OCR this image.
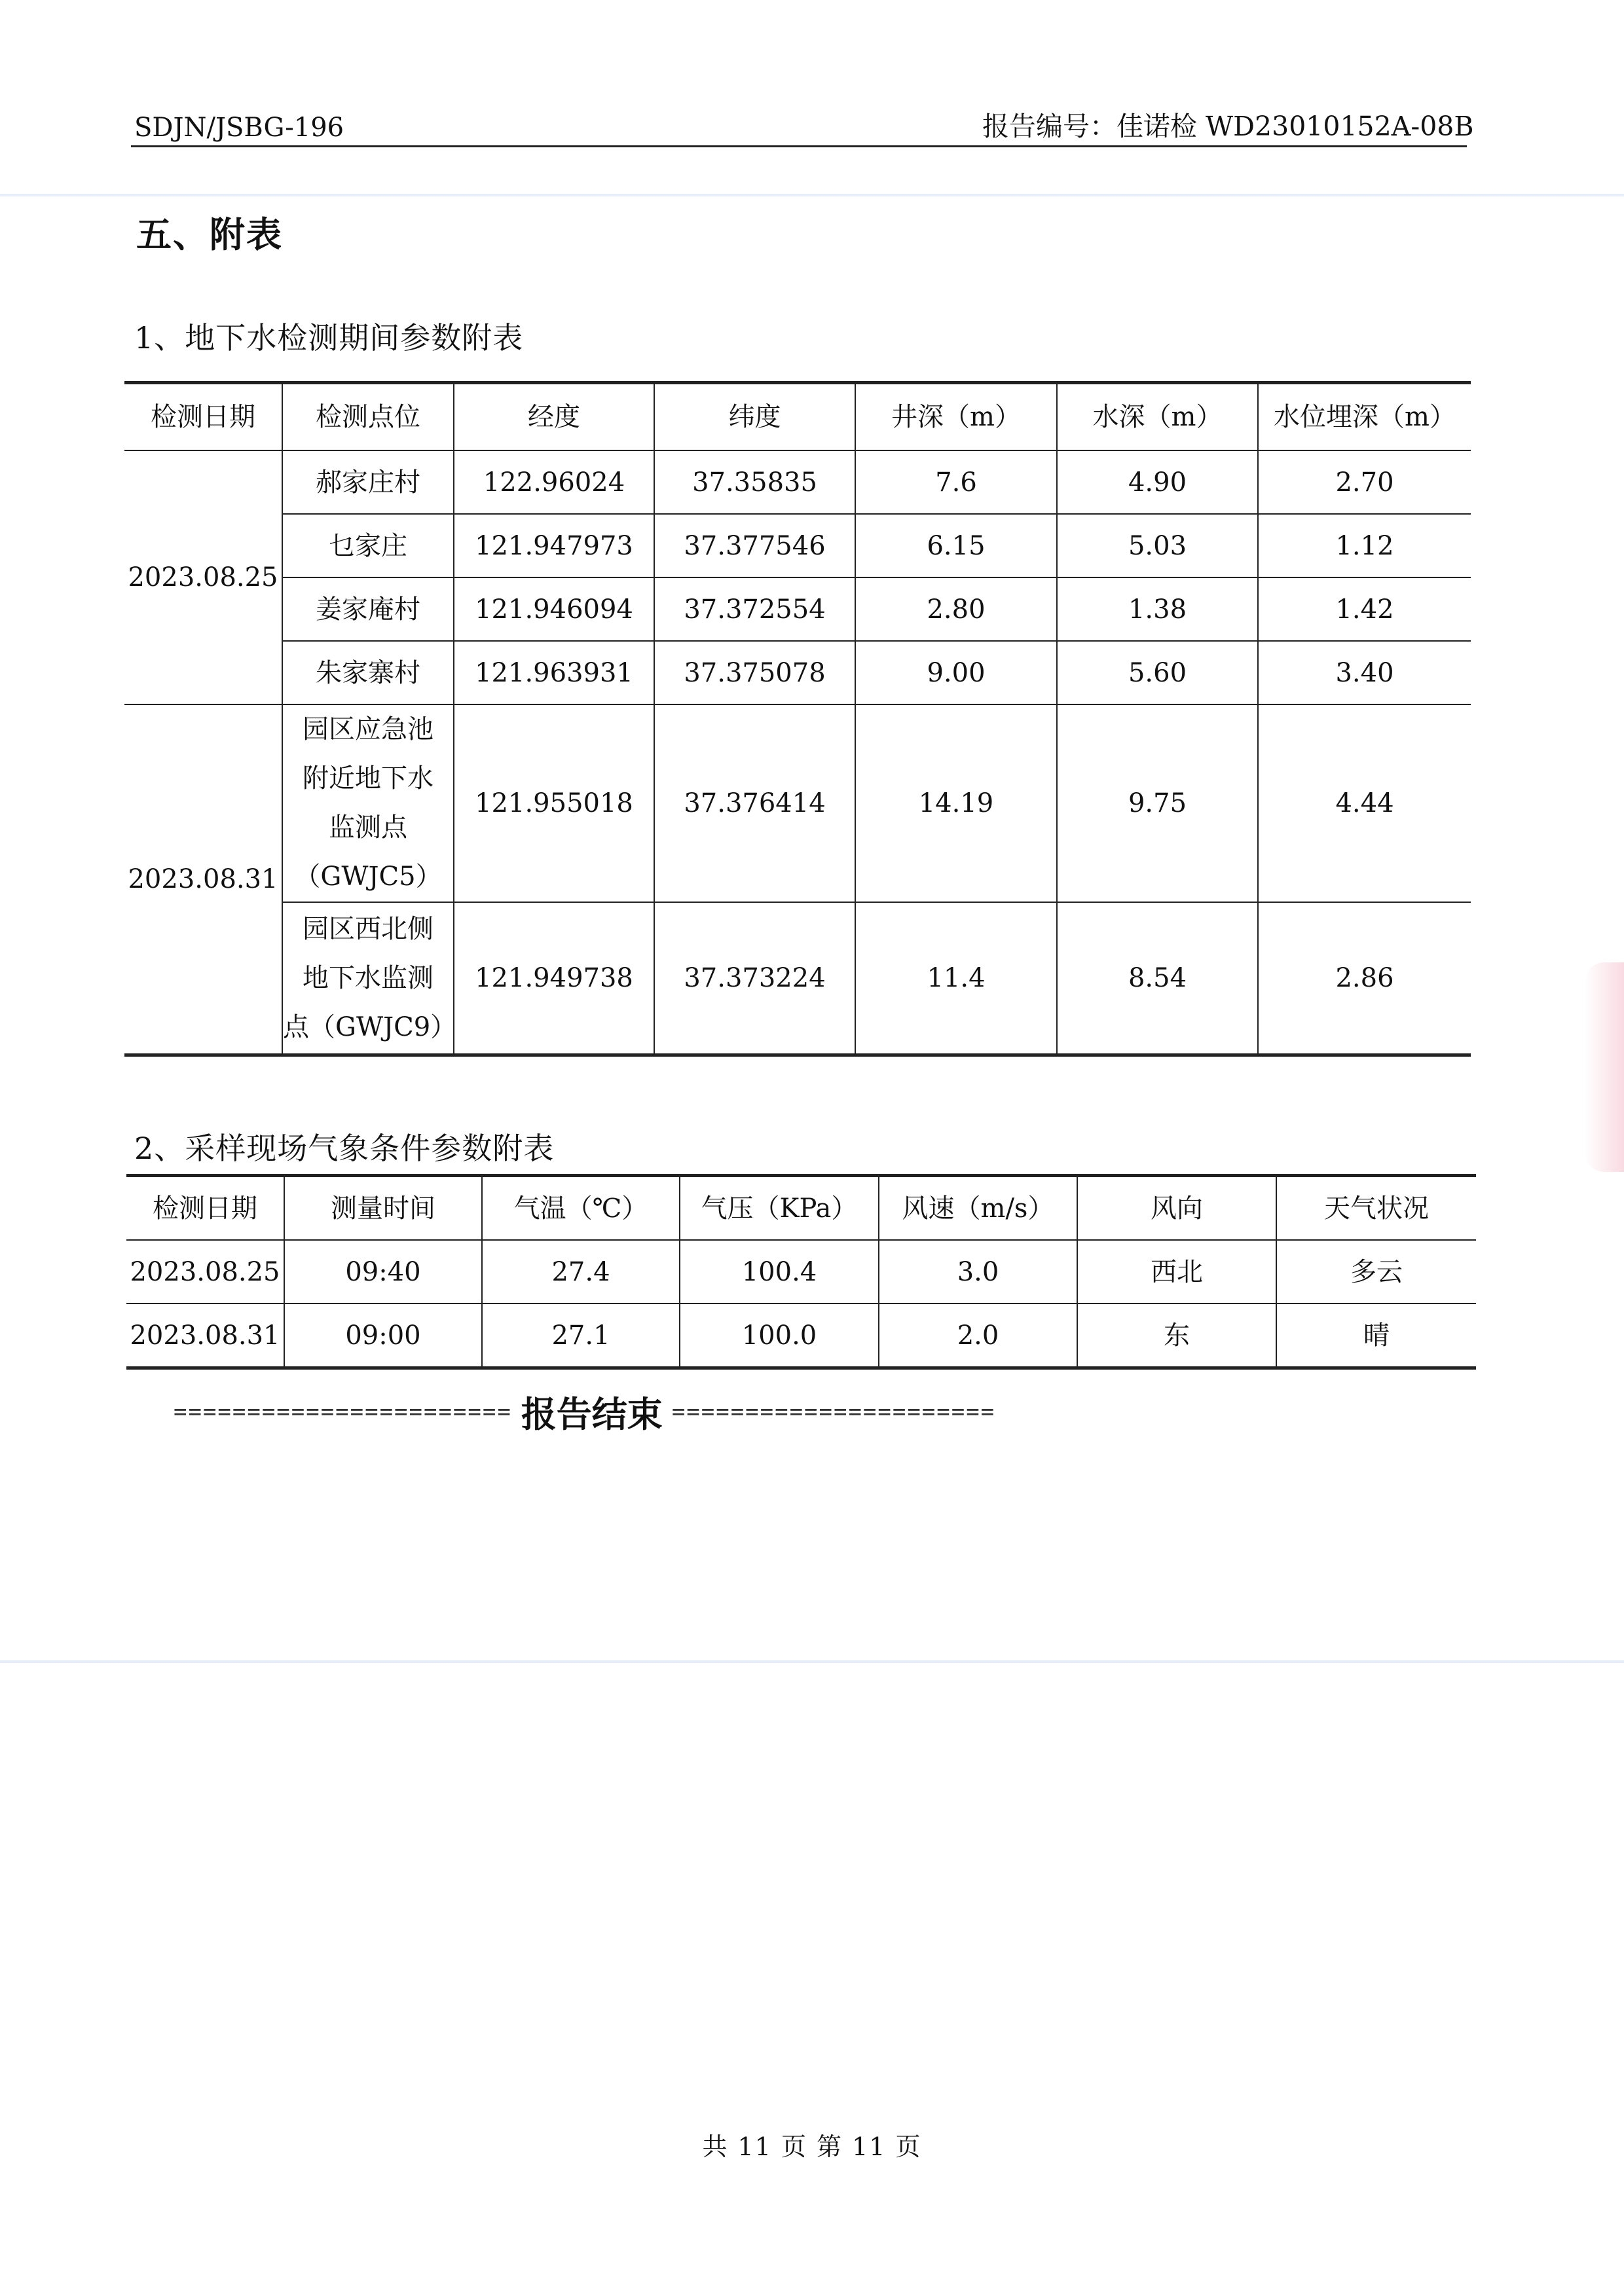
SDJN/JSBG-196	报告编号：佳诺检 WD23010152A-08B
五、附表
1、地下水检测期间参数附表
检测日期	检测点位	经度	纬度	井深（m）	水深（m）	水位埋深（m）
2023.08.25	郝家庄村	122.96024	37.35835	7.6	4.90	2.70
	乜家庄	121.947973	37.377546	6.15	5.03	1.12
	姜家庵村	121.946094	37.372554	2.80	1.38	1.42
	朱家寨村	121.963931	37.375078	9.00	5.60	3.40
2023.08.31	园区应急池
附近地下水
监测点
（GWJC5）	121.955018	37.376414	14.19	9.75	4.44

	园区西北侧
地下水监测
点（GWJC9）	121.949738	37.373224	11.4	8.54	2.86
2、采样现场气象条件参数附表
检测日期	测量时间	气温（℃）	气压（KPa）	风速（m/s）	风向	天气状况
2023.08.25	09:40	27.4	100.4	3.0	西北	多云
2023.08.31	09:00	27.1	100.0	2.0	东	晴
======================= 报告结束 ======================
共 11 页 第 11 页
